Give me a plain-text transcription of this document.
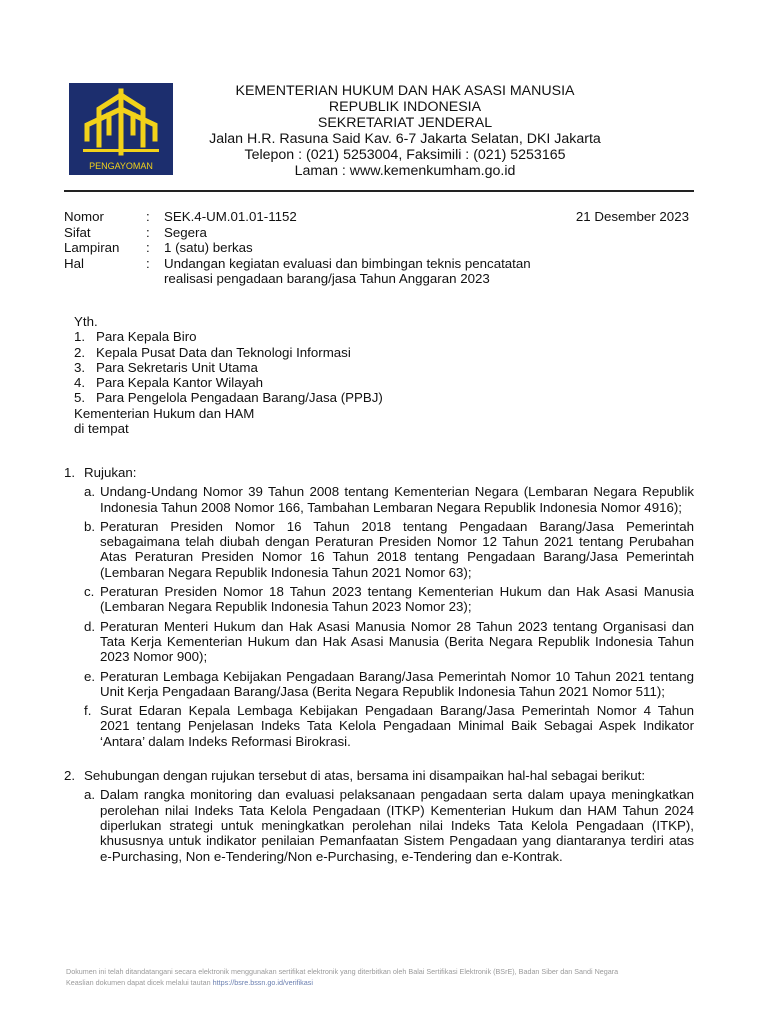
PENGAYOMAN
KEMENTERIAN HUKUM DAN HAK ASASI MANUSIA
REPUBLIK INDONESIA
SEKRETARIAT JENDERAL
Jalan H.R. Rasuna Said Kav. 6-7 Jakarta Selatan, DKI Jakarta
Telepon : (021) 5253004, Faksimili : (021) 5253165
Laman : www.kemenkumham.go.id
21 Desember 2023
Nomor	:	SEK.4-UM.01.01-1152
Sifat	:	Segera
Lampiran	:	1 (satu) berkas
Hal	:	Undangan kegiatan evaluasi dan bimbingan teknis pencatatan
realisasi pengadaan barang/jasa Tahun Anggaran 2023
Yth.
1. Para Kepala Biro
2. Kepala Pusat Data dan Teknologi Informasi
3. Para Sekretaris Unit Utama
4. Para Kepala Kantor Wilayah
5. Para Pengelola Pengadaan Barang/Jasa (PPBJ)
Kementerian Hukum dan HAM
di tempat
1. Rujukan:
a. Undang-Undang Nomor 39 Tahun 2008 tentang Kementerian Negara (Lembaran Negara Republik Indonesia Tahun 2008 Nomor 166, Tambahan Lembaran Negara Republik Indonesia Nomor 4916);
b. Peraturan Presiden Nomor 16 Tahun 2018 tentang Pengadaan Barang/Jasa Pemerintah sebagaimana telah diubah dengan Peraturan Presiden Nomor 12 Tahun 2021 tentang Perubahan Atas Peraturan Presiden Nomor 16 Tahun 2018 tentang Pengadaan Barang/Jasa Pemerintah (Lembaran Negara Republik Indonesia Tahun 2021 Nomor 63);
c. Peraturan Presiden Nomor 18 Tahun 2023 tentang Kementerian Hukum dan Hak Asasi Manusia (Lembaran Negara Republik Indonesia Tahun 2023 Nomor 23);
d. Peraturan Menteri Hukum dan Hak Asasi Manusia Nomor 28 Tahun 2023 tentang Organisasi dan Tata Kerja Kementerian Hukum dan Hak Asasi Manusia (Berita Negara Republik Indonesia Tahun 2023 Nomor 900);
e. Peraturan Lembaga Kebijakan Pengadaan Barang/Jasa Pemerintah Nomor 10 Tahun 2021 tentang Unit Kerja Pengadaan Barang/Jasa (Berita Negara Republik Indonesia Tahun 2021 Nomor 511);
f. Surat Edaran Kepala Lembaga Kebijakan Pengadaan Barang/Jasa Pemerintah Nomor 4 Tahun 2021 tentang Penjelasan Indeks Tata Kelola Pengadaan Minimal Baik Sebagai Aspek Indikator ‘Antara’ dalam Indeks Reformasi Birokrasi.
2. Sehubungan dengan rujukan tersebut di atas, bersama ini disampaikan hal-hal sebagai berikut:
a. Dalam rangka monitoring dan evaluasi pelaksanaan pengadaan serta dalam upaya meningkatkan perolehan nilai Indeks Tata Kelola Pengadaan (ITKP) Kementerian Hukum dan HAM Tahun 2024 diperlukan strategi untuk meningkatkan perolehan nilai Indeks Tata Kelola Pengadaan (ITKP), khususnya untuk indikator penilaian Pemanfaatan Sistem Pengadaan yang diantaranya terdiri atas e-Purchasing, Non e-Tendering/Non e-Purchasing, e-Tendering dan e-Kontrak.
Dokumen ini telah ditandatangani secara elektronik menggunakan sertifikat elektronik yang diterbitkan oleh Balai Sertifikasi Elektronik (BSrE), Badan Siber dan Sandi Negara
Keaslian dokumen dapat dicek melalui tautan https://bsre.bssn.go.id/verifikasi
